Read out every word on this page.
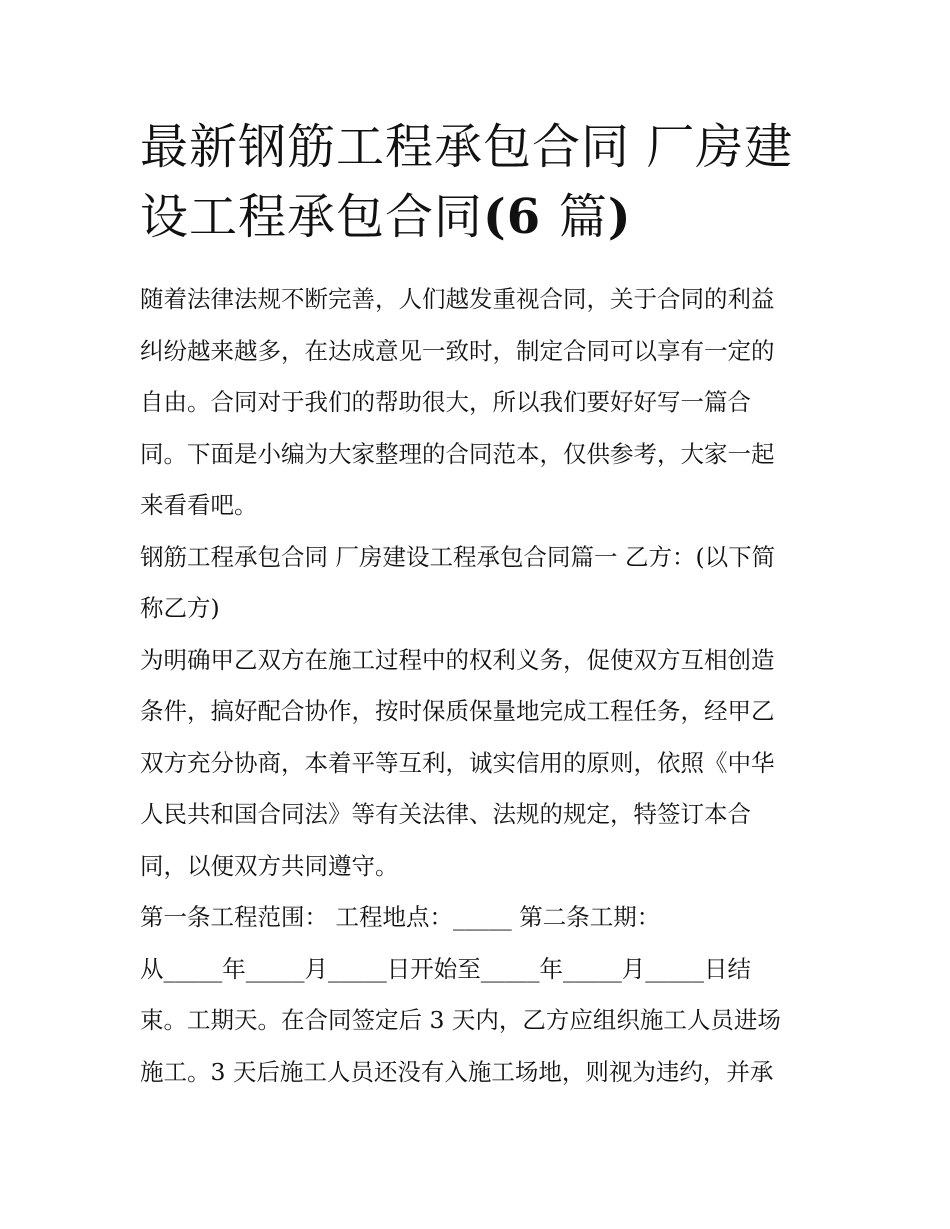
最新钢筋工程承包合同 厂房建
设工程承包合同(6 篇)

随着法律法规不断完善，人们越发重视合同，关于合同的利益
纠纷越来越多，在达成意见一致时，制定合同可以享有一定的
自由。合同对于我们的帮助很大，所以我们要好好写一篇合
同。下面是小编为大家整理的合同范本，仅供参考，大家一起
来看看吧。

钢筋工程承包合同 厂房建设工程承包合同篇一 乙方：(以下简
称乙方)

为明确甲乙双方在施工过程中的权利义务，促使双方互相创造
条件，搞好配合协作，按时保质保量地完成工程任务，经甲乙
双方充分协商，本着平等互利，诚实信用的原则，依照《中华
人民共和国合同法》等有关法律、法规的规定，特签订本合
同，以便双方共同遵守。

第一条工程范围： 工程地点：_____ 第二条工期：
从_____年_____月_____日开始至_____年_____月_____日结
束。工期天。在合同签定后 3 天内，乙方应组织施工人员进场
施工。3 天后施工人员还没有入施工场地，则视为违约，并承
